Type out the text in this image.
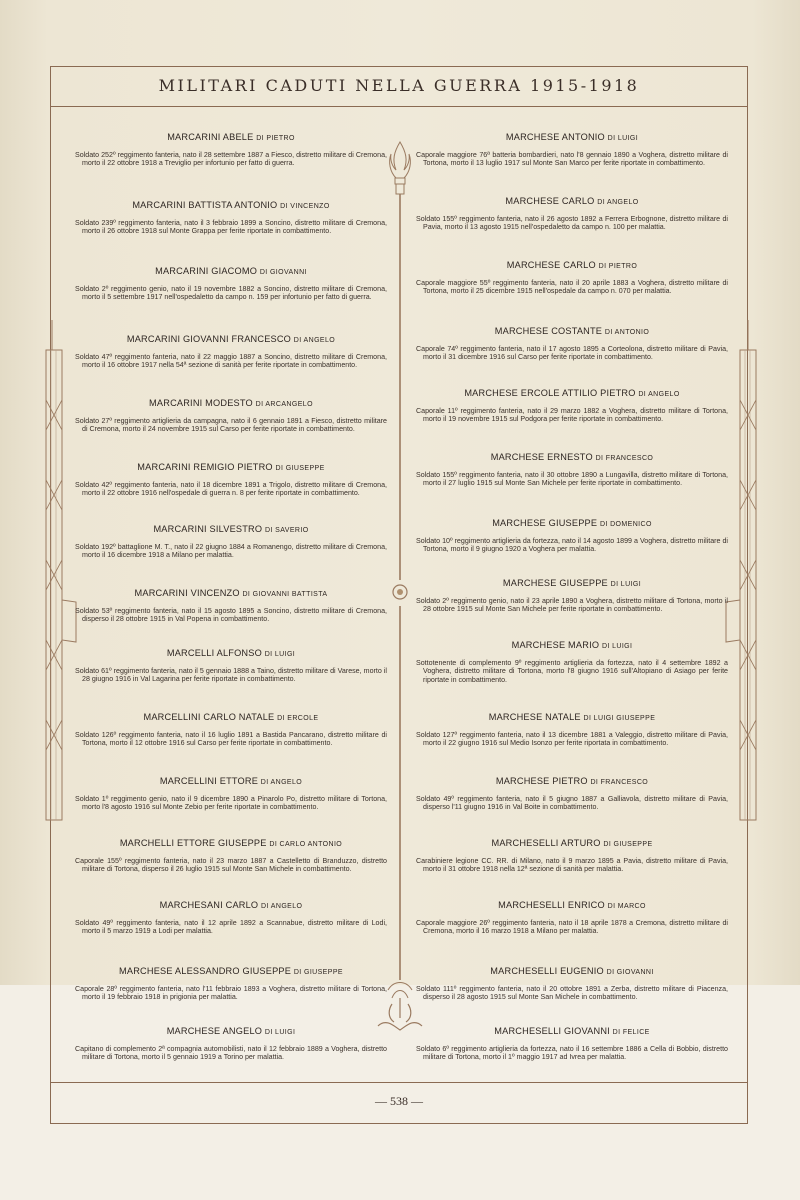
MILITARI CADUTI NELLA GUERRA 1915-1918
MARCARINI ABELE DI PIETRO
Soldato 252º reggimento fanteria, nato il 28 settembre 1887 a Fiesco, distretto militare di Cremona, morto il 22 ottobre 1918 a Treviglio per infortunio per fatto di guerra.
MARCARINI BATTISTA ANTONIO DI VINCENZO
Soldato 239º reggimento fanteria, nato il 3 febbraio 1899 a Soncino, distretto militare di Cremona, morto il 26 ottobre 1918 sul Monte Grappa per ferite riportate in combattimento.
MARCARINI GIACOMO DI GIOVANNI
Soldato 2º reggimento genio, nato il 19 novembre 1882 a Soncino, distretto militare di Cremona, morto il 5 settembre 1917 nell'ospedaletto da campo n. 159 per infortunio per fatto di guerra.
MARCARINI GIOVANNI FRANCESCO DI ANGELO
Soldato 47º reggimento fanteria, nato il 22 maggio 1887 a Soncino, distretto militare di Cremona, morto il 16 ottobre 1917 nella 54ª sezione di sanità per ferite riportate in combattimento.
MARCARINI MODESTO DI ARCANGELO
Soldato 27º reggimento artiglieria da campagna, nato il 6 gennaio 1891 a Fiesco, distretto militare di Cremona, morto il 24 novembre 1915 sul Carso per ferite riportate in combattimento.
MARCARINI REMIGIO PIETRO DI GIUSEPPE
Soldato 42º reggimento fanteria, nato il 18 dicembre 1891 a Trigolo, distretto militare di Cremona, morto il 22 ottobre 1916 nell'ospedale di guerra n. 8 per ferite riportate in combattimento.
MARCARINI SILVESTRO DI SAVERIO
Soldato 192º battaglione M. T., nato il 22 giugno 1884 a Romanengo, distretto militare di Cremona, morto il 16 dicembre 1918 a Milano per malattia.
MARCARINI VINCENZO DI GIOVANNI BATTISTA
Soldato 53º reggimento fanteria, nato il 15 agosto 1895 a Soncino, distretto militare di Cremona, disperso il 28 ottobre 1915 in Val Popena in combattimento.
MARCELLI ALFONSO DI LUIGI
Soldato 61º reggimento fanteria, nato il 5 gennaio 1888 a Taino, distretto militare di Varese, morto il 28 giugno 1916 in Val Lagarina per ferite riportate in combattimento.
MARCELLINI CARLO NATALE DI ERCOLE
Soldato 126º reggimento fanteria, nato il 16 luglio 1891 a Bastida Pancarano, distretto militare di Tortona, morto il 12 ottobre 1916 sul Carso per ferite riportate in combattimento.
MARCELLINI ETTORE DI ANGELO
Soldato 1º reggimento genio, nato il 9 dicembre 1890 a Pinarolo Po, distretto militare di Tortona, morto l'8 agosto 1916 sul Monte Zebio per ferite riportate in combattimento.
MARCHELLI ETTORE GIUSEPPE DI CARLO ANTONIO
Caporale 155º reggimento fanteria, nato il 23 marzo 1887 a Castelletto di Branduzzo, distretto militare di Tortona, disperso il 26 luglio 1915 sul Monte San Michele in combattimento.
MARCHESANI CARLO DI ANGELO
Soldato 49º reggimento fanteria, nato il 12 aprile 1892 a Scannabue, distretto militare di Lodi, morto il 5 marzo 1919 a Lodi per malattia.
MARCHESE ALESSANDRO GIUSEPPE DI GIUSEPPE
Caporale 28º reggimento fanteria, nato l'11 febbraio 1893 a Voghera, distretto militare di Tortona, morto il 19 febbraio 1918 in prigionia per malattia.
MARCHESE ANGELO DI LUIGI
Capitano di complemento 2ª compagnia automobilisti, nato il 12 febbraio 1889 a Voghera, distretto militare di Tortona, morto il 5 gennaio 1919 a Torino per malattia.
MARCHESE ANTONIO DI LUIGI
Caporale maggiore 76ª batteria bombardieri, nato l'8 gennaio 1890 a Voghera, distretto militare di Tortona, morto il 13 luglio 1917 sul Monte San Marco per ferite riportate in combattimento.
MARCHESE CARLO DI ANGELO
Soldato 155º reggimento fanteria, nato il 26 agosto 1892 a Ferrera Erbognone, distretto militare di Pavia, morto il 13 agosto 1915 nell'ospedaletto da campo n. 100 per malattia.
MARCHESE CARLO DI PIETRO
Caporale maggiore 55º reggimento fanteria, nato il 20 aprile 1883 a Voghera, distretto militare di Tortona, morto il 25 dicembre 1915 nell'ospedale da campo n. 070 per malattia.
MARCHESE COSTANTE DI ANTONIO
Caporale 74º reggimento fanteria, nato il 17 agosto 1895 a Corteolona, distretto militare di Pavia, morto il 31 dicembre 1916 sul Carso per ferite riportate in combattimento.
MARCHESE ERCOLE ATTILIO PIETRO DI ANGELO
Caporale 11º reggimento fanteria, nato il 29 marzo 1882 a Voghera, distretto militare di Tortona, morto il 19 novembre 1915 sul Podgora per ferite riportate in combattimento.
MARCHESE ERNESTO DI FRANCESCO
Soldato 155º reggimento fanteria, nato il 30 ottobre 1890 a Lungavilla, distretto militare di Tortona, morto il 27 luglio 1915 sul Monte San Michele per ferite riportate in combattimento.
MARCHESE GIUSEPPE DI DOMENICO
Soldato 10º reggimento artiglieria da fortezza, nato il 14 agosto 1899 a Voghera, distretto militare di Tortona, morto il 9 giugno 1920 a Voghera per malattia.
MARCHESE GIUSEPPE DI LUIGI
Soldato 2º reggimento genio, nato il 23 aprile 1890 a Voghera, distretto militare di Tortona, morto il 28 ottobre 1915 sul Monte San Michele per ferite riportate in combattimento.
MARCHESE MARIO DI LUIGI
Sottotenente di complemento 9º reggimento artiglieria da fortezza, nato il 4 settembre 1892 a Voghera, distretto militare di Tortona, morto l'8 giugno 1916 sull'Altopiano di Asiago per ferite riportate in combattimento.
MARCHESE NATALE DI LUIGI GIUSEPPE
Soldato 127º reggimento fanteria, nato il 13 dicembre 1881 a Valeggio, distretto militare di Pavia, morto il 22 giugno 1916 sul Medio Isonzo per ferite riportata in combattimento.
MARCHESE PIETRO DI FRANCESCO
Soldato 49º reggimento fanteria, nato il 5 giugno 1887 a Galliavola, distretto militare di Pavia, disperso l'11 giugno 1916 in Val Boite in combattimento.
MARCHESELLI ARTURO DI GIUSEPPE
Carabiniere legione CC. RR. di Milano, nato il 9 marzo 1895 a Pavia, distretto militare di Pavia, morto il 31 ottobre 1918 nella 12ª sezione di sanità per malattia.
MARCHESELLI ENRICO DI MARCO
Caporale maggiore 26º reggimento fanteria, nato il 18 aprile 1878 a Cremona, distretto militare di Cremona, morto il 16 marzo 1918 a Milano per malattia.
MARCHESELLI EUGENIO DI GIOVANNI
Soldato 111º reggimento fanteria, nato il 20 ottobre 1891 a Zerba, distretto militare di Piacenza, disperso il 28 agosto 1915 sul Monte San Michele in combattimento.
MARCHESELLI GIOVANNI DI FELICE
Soldato 6º reggimento artiglieria da fortezza, nato il 16 settembre 1886 a Cella di Bobbio, distretto militare di Tortona, morto il 1º maggio 1917 ad Ivrea per malattia.
— 538 —
